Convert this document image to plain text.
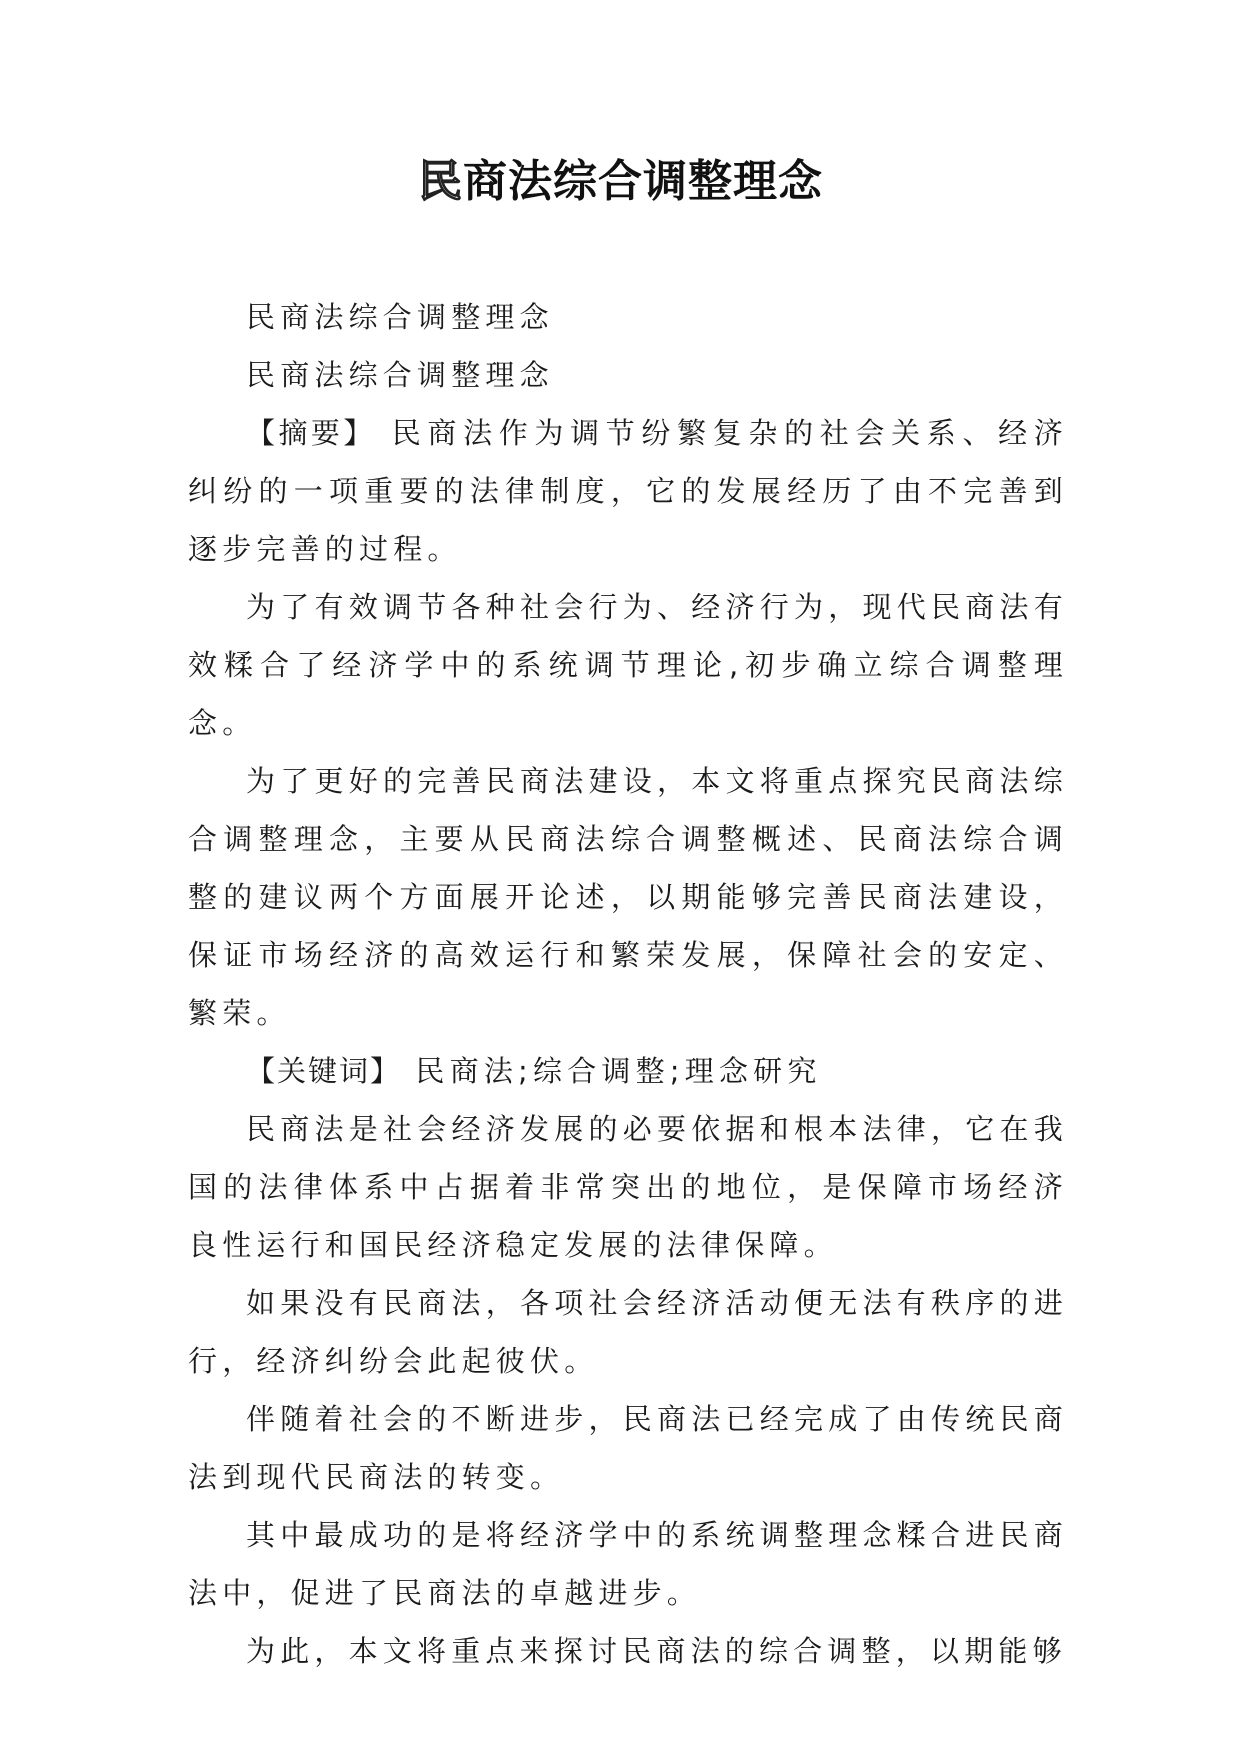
民商法综合调整理念

民商法综合调整理念

民商法综合调整理念

【摘要】 民商法作为调节纷繁复杂的社会关系、经济纠纷的一项重要的法律制度，它的发展经历了由不完善到逐步完善的过程。

为了有效调节各种社会行为、经济行为，现代民商法有效糅合了经济学中的系统调节理论,初步确立综合调整理念。

为了更好的完善民商法建设，本文将重点探究民商法综合调整理念，主要从民商法综合调整概述、民商法综合调整的建议两个方面展开论述，以期能够完善民商法建设，保证市场经济的高效运行和繁荣发展，保障社会的安定、繁荣。

【关键词】 民商法;综合调整;理念研究

民商法是社会经济发展的必要依据和根本法律，它在我国的法律体系中占据着非常突出的地位，是保障市场经济良性运行和国民经济稳定发展的法律保障。

如果没有民商法，各项社会经济活动便无法有秩序的进行，经济纠纷会此起彼伏。

伴随着社会的不断进步，民商法已经完成了由传统民商法到现代民商法的转变。

其中最成功的是将经济学中的系统调整理念糅合进民商法中，促进了民商法的卓越进步。

为此，本文将重点来探讨民商法的综合调整，以期能够
